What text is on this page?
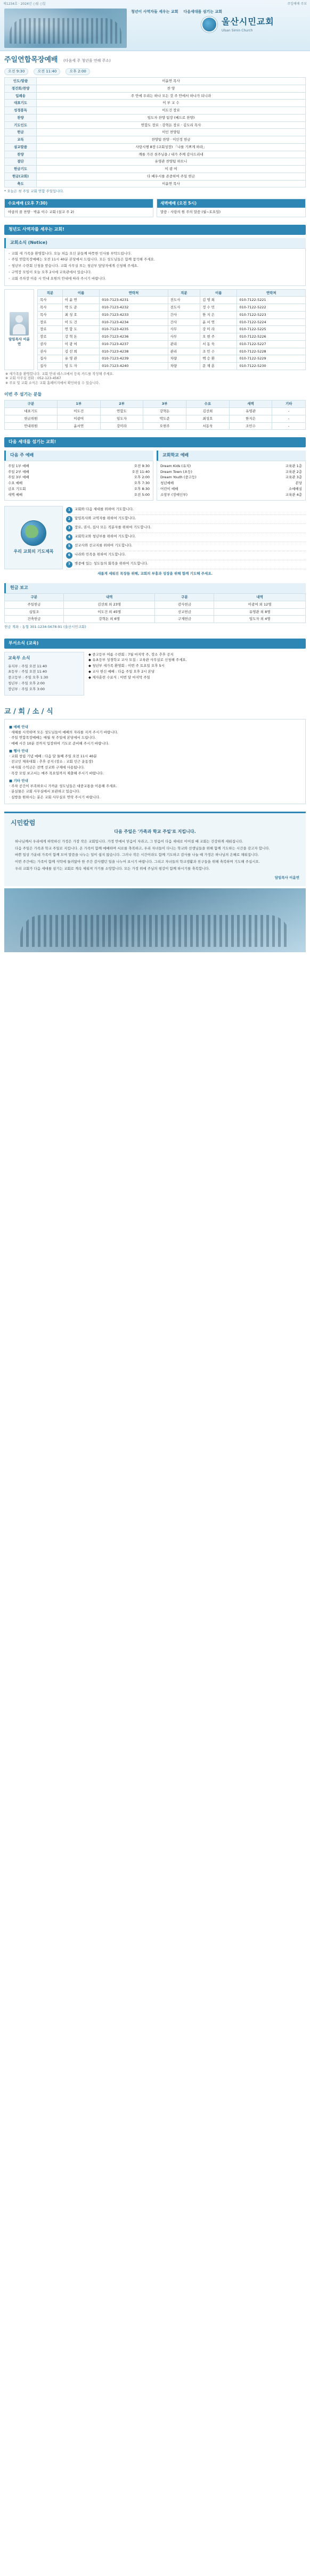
제1234호 · 2024년 ○월 ○일	주일예배 주보
청년이 사역자들 세우는 교회 다음세대를 섬기는 교회
울산시민교회
Ulsan Simin Church
주일연합목장예배 (다음세 주 청년을 연해 주소)
오전 9:30	오전 11:40	오후 2:00
인도/말씀	이윤연 목사
경건회/찬양	찬 양
입례송	주 안에 우리는 하나 모든 것 주 안에서 하나가 되니라
대표기도	이 부 교 수
성경봉독	이도건 장로
찬양	임도자 찬양 팀장 (베드로 찬양)
기도인도	연합도 장로 · 강혁돈 장로 · 김도리 목사
헌금	이인 찬양팀
교독	찬양팀 찬양 · 이인정 헌금
설교말씀	사랑시행 8장 (교회성장) 「나를 기쁘게 하라」
찬양	깨를 가진 천주님을 / 내가 주께 감사드리네
결단	유영관 찬양팀 하모니
헌금기도	이 광 여
헌금(교회)	다 배우시를 존중하여 주일 헌금
축도	이윤연 목사
* 오늘은 첫 주일 교회 연합 주일입니다.
수요예배 (오후 7:30)
야곱의 꿈 찬양 · 박윤 이수 교회 (설교 주 2)
새벽예배 (오전 5시)
말씀 : 사랑의 원 주의 말씀 (월~토요일)
청년도 사역자를 세우는 교회!
교회소식 (Notice)

· 교회 새 가족을 환영합니다. 오늘 처음 오신 분들께 따뜻한 인사를 부탁드립니다.

· 주일 연합목장예배는 오전 11시 40분 본당에서 드립니다. 모든 성도님들은 함께 참석해 주세요.

· 청년부 수련회 신청을 받습니다. 교회 사무실 또는 청년부 담당자에게 신청해 주세요.

· 구역장 모임이 오늘 오후 2시에 교육관에서 있습니다.

· 교회 주차장 이용 시 안내 요원의 안내에 따라 주시기 바랍니다.

담임목사 이윤연
직분	이름	연락처	직분	이름	연락처
목사	이 윤 연	010-7123-4231	전도사	김 영 희	010-7122-5221
목사	박 도 준	010-7123-4232	전도사	정 수 민	010-7122-5222
목사	최 성 호	010-7123-4233	간사	한 지 은	010-7122-5223
장로	이 도 건	010-7123-4234	간사	윤 서 연	010-7122-5224
장로	연 합 도	010-7123-4235	사무	강 미 라	010-7122-5225
장로	강 혁 돈	010-7123-4236	사무	오 현 주	010-7122-5226
권사	이 광 여	010-7123-4237	관리	서 동 욱	010-7122-5227
권사	김 선 희	010-7123-4238	관리	조 민 수	010-7122-5228
집사	유 영 관	010-7123-4239	차량	백 승 환	010-7122-5229
집사	임 도 자	010-7123-4240	차량	문 재 훈	010-7122-5230
※ 새가족을 환영합니다. 교회 안내 데스크에서 등록 카드를 작성해 주세요.
※ 교회 사무실 전화 : 052-123-4567
※ 주보 및 교회 소식은 교회 홈페이지에서 확인하실 수 있습니다.
이번 주 섬기는 분들
구분	1부	2부	3부	수요	새벽	기타
대표기도	이도건	연합도	강혁돈	김선희	유영관	-
헌금위원	이광여	임도자	박도준	최성호	한지은	-
안내위원	윤서연	강미라	오현주	서동욱	조민수	-
다음 세대를 섬기는 교회!
다음 주 예배
주일 1부 예배	오전 9:30
주일 2부 예배	오전 11:40
주일 3부 예배	오후 2:00
수요 예배	오후 7:30
금요 기도회	오후 8:30
새벽 예배	오전 5:00
교회학교 예배
Dream Kids (유치)	교육관 1층
Dream Town (초등)	교육관 2층
Dream Youth (중고등)	교육관 3층
청년예배	본당
어린이 예배	소예배실
소망부 (장애인부)	교육관 4층
우리 교회의 기도제목
1	교회와 다음 세대를 위하여 기도합니다.
2	담임목사와 교역자를 위하여 기도합니다.
3	장로, 권사, 집사 모든 직분자를 위하여 기도합니다.
4	교회학교와 청년부를 위하여 기도합니다.
5	선교사와 선교지를 위하여 기도합니다.
6	나라와 민족을 위하여 기도합니다.
7	병중에 있는 성도들의 회복을 위하여 기도합니다.
새롭게 세워진 목장들 위해, 교회의 부흥과 성장을 위해 함께 기도해 주세요.
헌금 보고
구분	내역	구분	내역
주일헌금	김선희 외 23명	감사헌금	이광여 외 12명
십일조	이도건 외 45명	선교헌금	유영관 외 8명
건축헌금	강혁돈 외 6명	구제헌금	임도자 외 4명
헌금 계좌 : 농협 301-1234-5678-91 (울산시민교회)
부서소식 (교육)
교육부 소식
유치부 : 주일 오전 11:40
초등부 : 주일 오전 11:40
중고등부 : 주일 오후 1:30
청년부 : 주일 오후 2:00
장년부 : 주일 오후 3:00

◆ 중고등부 여름 수련회 : 7월 마지막 주, 장소 추후 공지

◆ 유초등부 성경학교 교사 모집 : 교육관 사무실로 신청해 주세요.

◆ 청년부 새가족 환영회 : 이번 주 토요일 오후 5시

◆ 교사 헌신 예배 : 다음 주일 오후 2시 본당

◆ 제자훈련 수료식 : 이번 달 마지막 주일

교 / 회 / 소 / 식
■ 예배 안내

· 새해를 시작하며 모든 성도님들이 예배의 자리를 지켜 주시기 바랍니다.

· 주일 연합목장예배는 매월 첫 주일에 본당에서 드립니다.

· 예배 시간 10분 전까지 입장하여 기도로 준비해 주시기 바랍니다.

■ 행사 안내

· 교회 창립 기념 예배 : 다음 달 둘째 주일 오전 11시 40분

· 전교인 체육대회 : 추후 공지 (장소 : 교회 인근 운동장)

· 바자회 수익금은 전액 선교와 구제에 사용됩니다.

· 목장 모임 보고서는 매주 목요일까지 제출해 주시기 바랍니다.

■ 기타 안내

· 주차 공간이 부족하오니 가까운 성도님들은 대중교통을 이용해 주세요.

· 분실물은 교회 사무실에서 보관하고 있습니다.

· 심방을 원하시는 분은 교회 사무실로 연락 주시기 바랍니다.

시민칼럼
다음 주일은 '가족과 학교 주일'로 지킵니다.

하나님께서 우리에게 허락하신 가정은 가장 작은 교회입니다. 가정 안에서 믿음이 자라고, 그 믿음이 다음 세대로 이어질 때 교회는 건강하게 세워집니다.

다음 주일은 가족과 학교 주일로 지킵니다. 온 가족이 함께 예배하며 서로를 축복하고, 우리 자녀들이 다니는 학교와 선생님들을 위해 함께 기도하는 시간을 갖고자 합니다.

바쁜 일상 가운데 가족이 함께 모여 말씀을 나누는 일이 쉽지 않습니다. 그러나 작은 시간이라도 함께 기도하고 감사를 나눌 때 가정은 하나님의 은혜로 채워집니다.

이번 주간에는 가족이 함께 식탁에 둘러앉아 한 주간 감사했던 일을 나누어 보시기 바랍니다. 그리고 자녀들의 학교생활과 친구들을 위해 축복하며 기도해 주십시오.

우리 교회가 다음 세대를 섬기는 교회로 계속 세워져 가기를 소망합니다. 모든 가정 위에 주님의 평강이 함께 하시기를 축복합니다.

담임목사 이윤연
